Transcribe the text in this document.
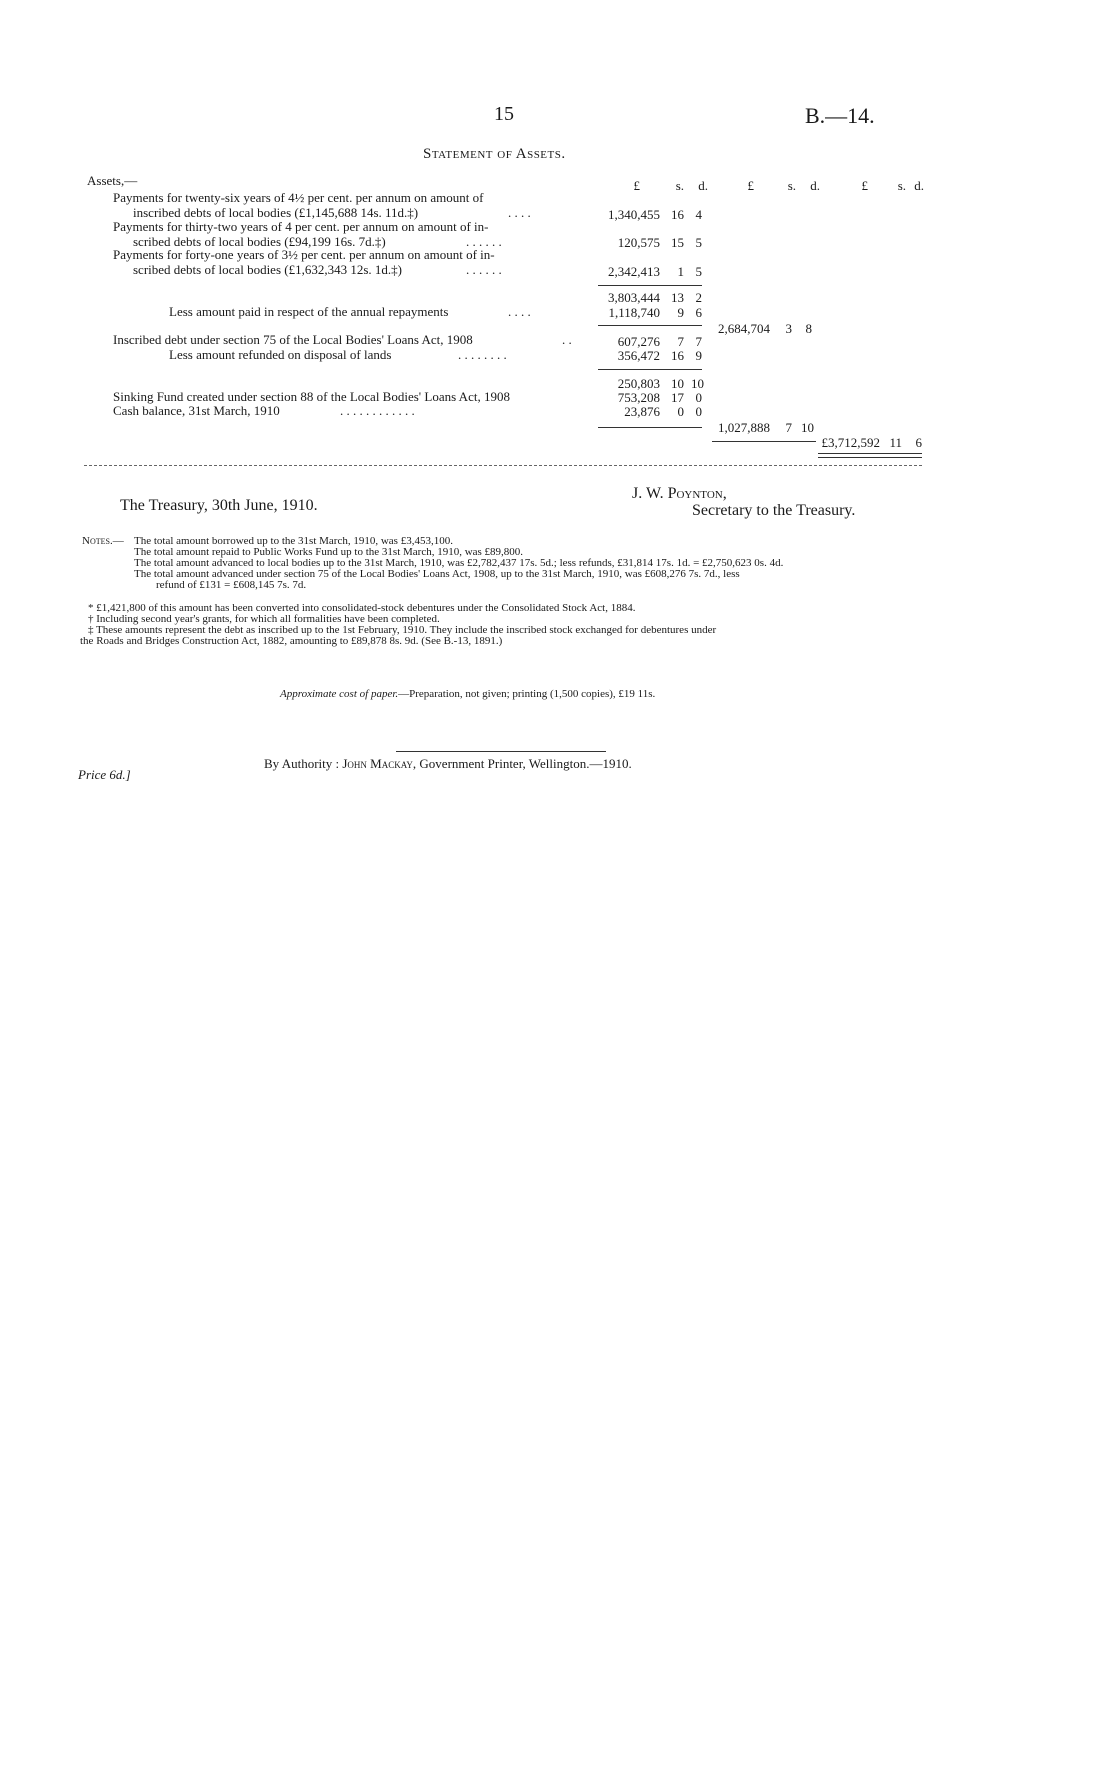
15	B.—14.
Statement of Assets.
£	s.	d.	£	s.	d.	£	s. d.
Assets,—
Payments for twenty-six years of 4½ per cent. per annum on amount of
inscribed debts of local bodies (£1,145,688 14s. 11d.‡)	. . . .	1,340,455 16 4
Payments for thirty-two years of 4 per cent. per annum on amount of in-
scribed debts of local bodies (£94,199 16s. 7d.‡)	. . . . . .	120,575 15 5
Payments for forty-one years of 3½ per cent. per annum on amount of in-
scribed debts of local bodies (£1,632,343 12s. 1d.‡)	. . . . . .	2,342,413	1 5
3,803,444 13 2
Less amount paid in respect of the annual repayments	. . . .	1,118,740	9 6
2,684,704	3	8
Inscribed debt under section 75 of the Local Bodies' Loans Act, 1908	. .	607,276	7 7
Less amount refunded on disposal of lands	. . . . . . . .	356,472 16 9
250,803 10 10
Sinking Fund created under section 88 of the Local Bodies' Loans Act, 1908	753,208 17 0
Cash balance, 31st March, 1910	. . . . . . . . . . . .	23,876	0 0
1,027,888	7 10
£3,712,592 11	6
The Treasury, 30th June, 1910.
J. W. Poynton,
Secretary to the Treasury.
Notes.— The total amount borrowed up to the 31st March, 1910, was £3,453,100.
The total amount repaid to Public Works Fund up to the 31st March, 1910, was £89,800.
The total amount advanced to local bodies up to the 31st March, 1910, was £2,782,437 17s. 5d.; less refunds, £31,814 17s. 1d. = £2,750,623 0s. 4d.
The total amount advanced under section 75 of the Local Bodies' Loans Act, 1908, up to the 31st March, 1910, was £608,276 7s. 7d., less
refund of £131 = £608,145 7s. 7d.
* £1,421,800 of this amount has been converted into consolidated-stock debentures under the Consolidated Stock Act, 1884.
† Including second year's grants, for which all formalities have been completed.
‡ These amounts represent the debt as inscribed up to the 1st February, 1910. They include the inscribed stock exchanged for debentures under
the Roads and Bridges Construction Act, 1882, amounting to £89,878 8s. 9d. (See B.-13, 1891.)
Approximate cost of paper.—Preparation, not given; printing (1,500 copies), £19 11s.
Price 6d.]
By Authority : John Mackay, Government Printer, Wellington.—1910.
